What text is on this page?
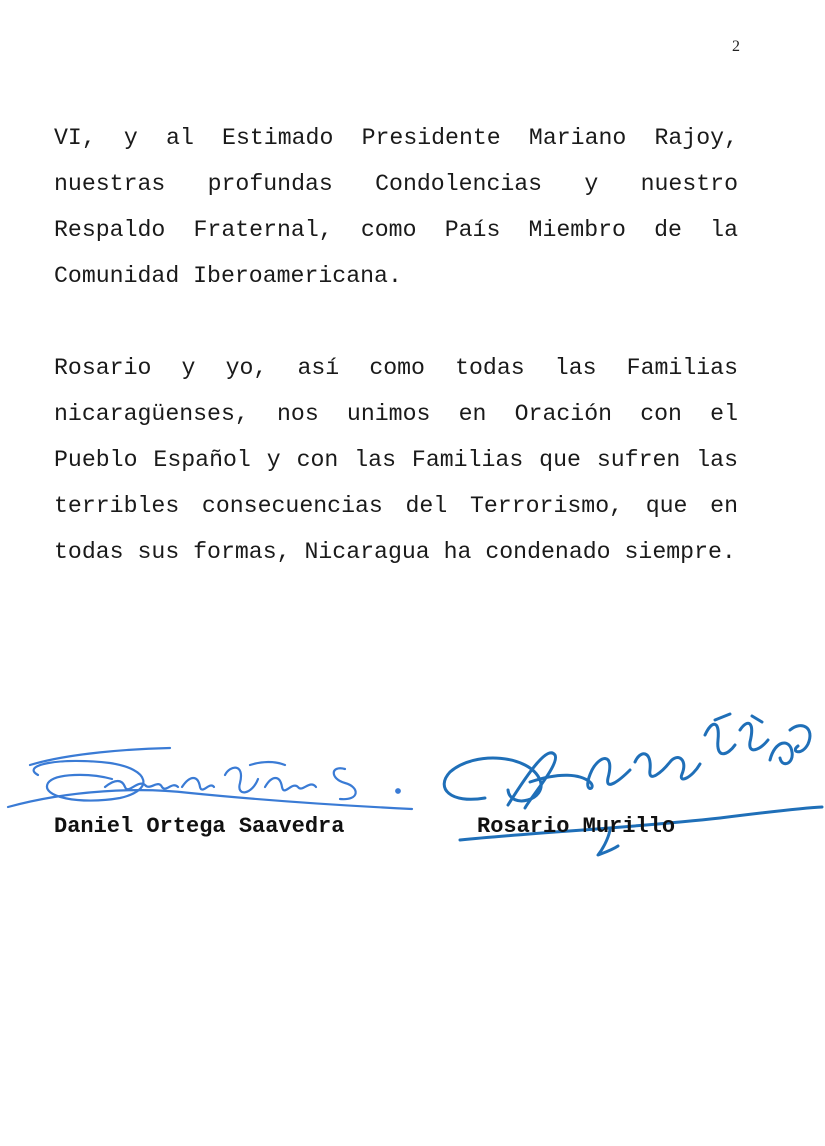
2

VI, y al Estimado Presidente Mariano Rajoy, nuestras profundas Condolencias y nuestro Respaldo Fraternal, como País Miembro de la Comunidad Iberoamericana.

Rosario y yo, así como todas las Familias nicaragüenses, nos unimos en Oración con el Pueblo Español y con las Familias que sufren las terribles consecuencias del Terrorismo, que en todas sus formas, Nicaragua ha condenado siempre.

Daniel Ortega Saavedra

	Rosario Murillo
